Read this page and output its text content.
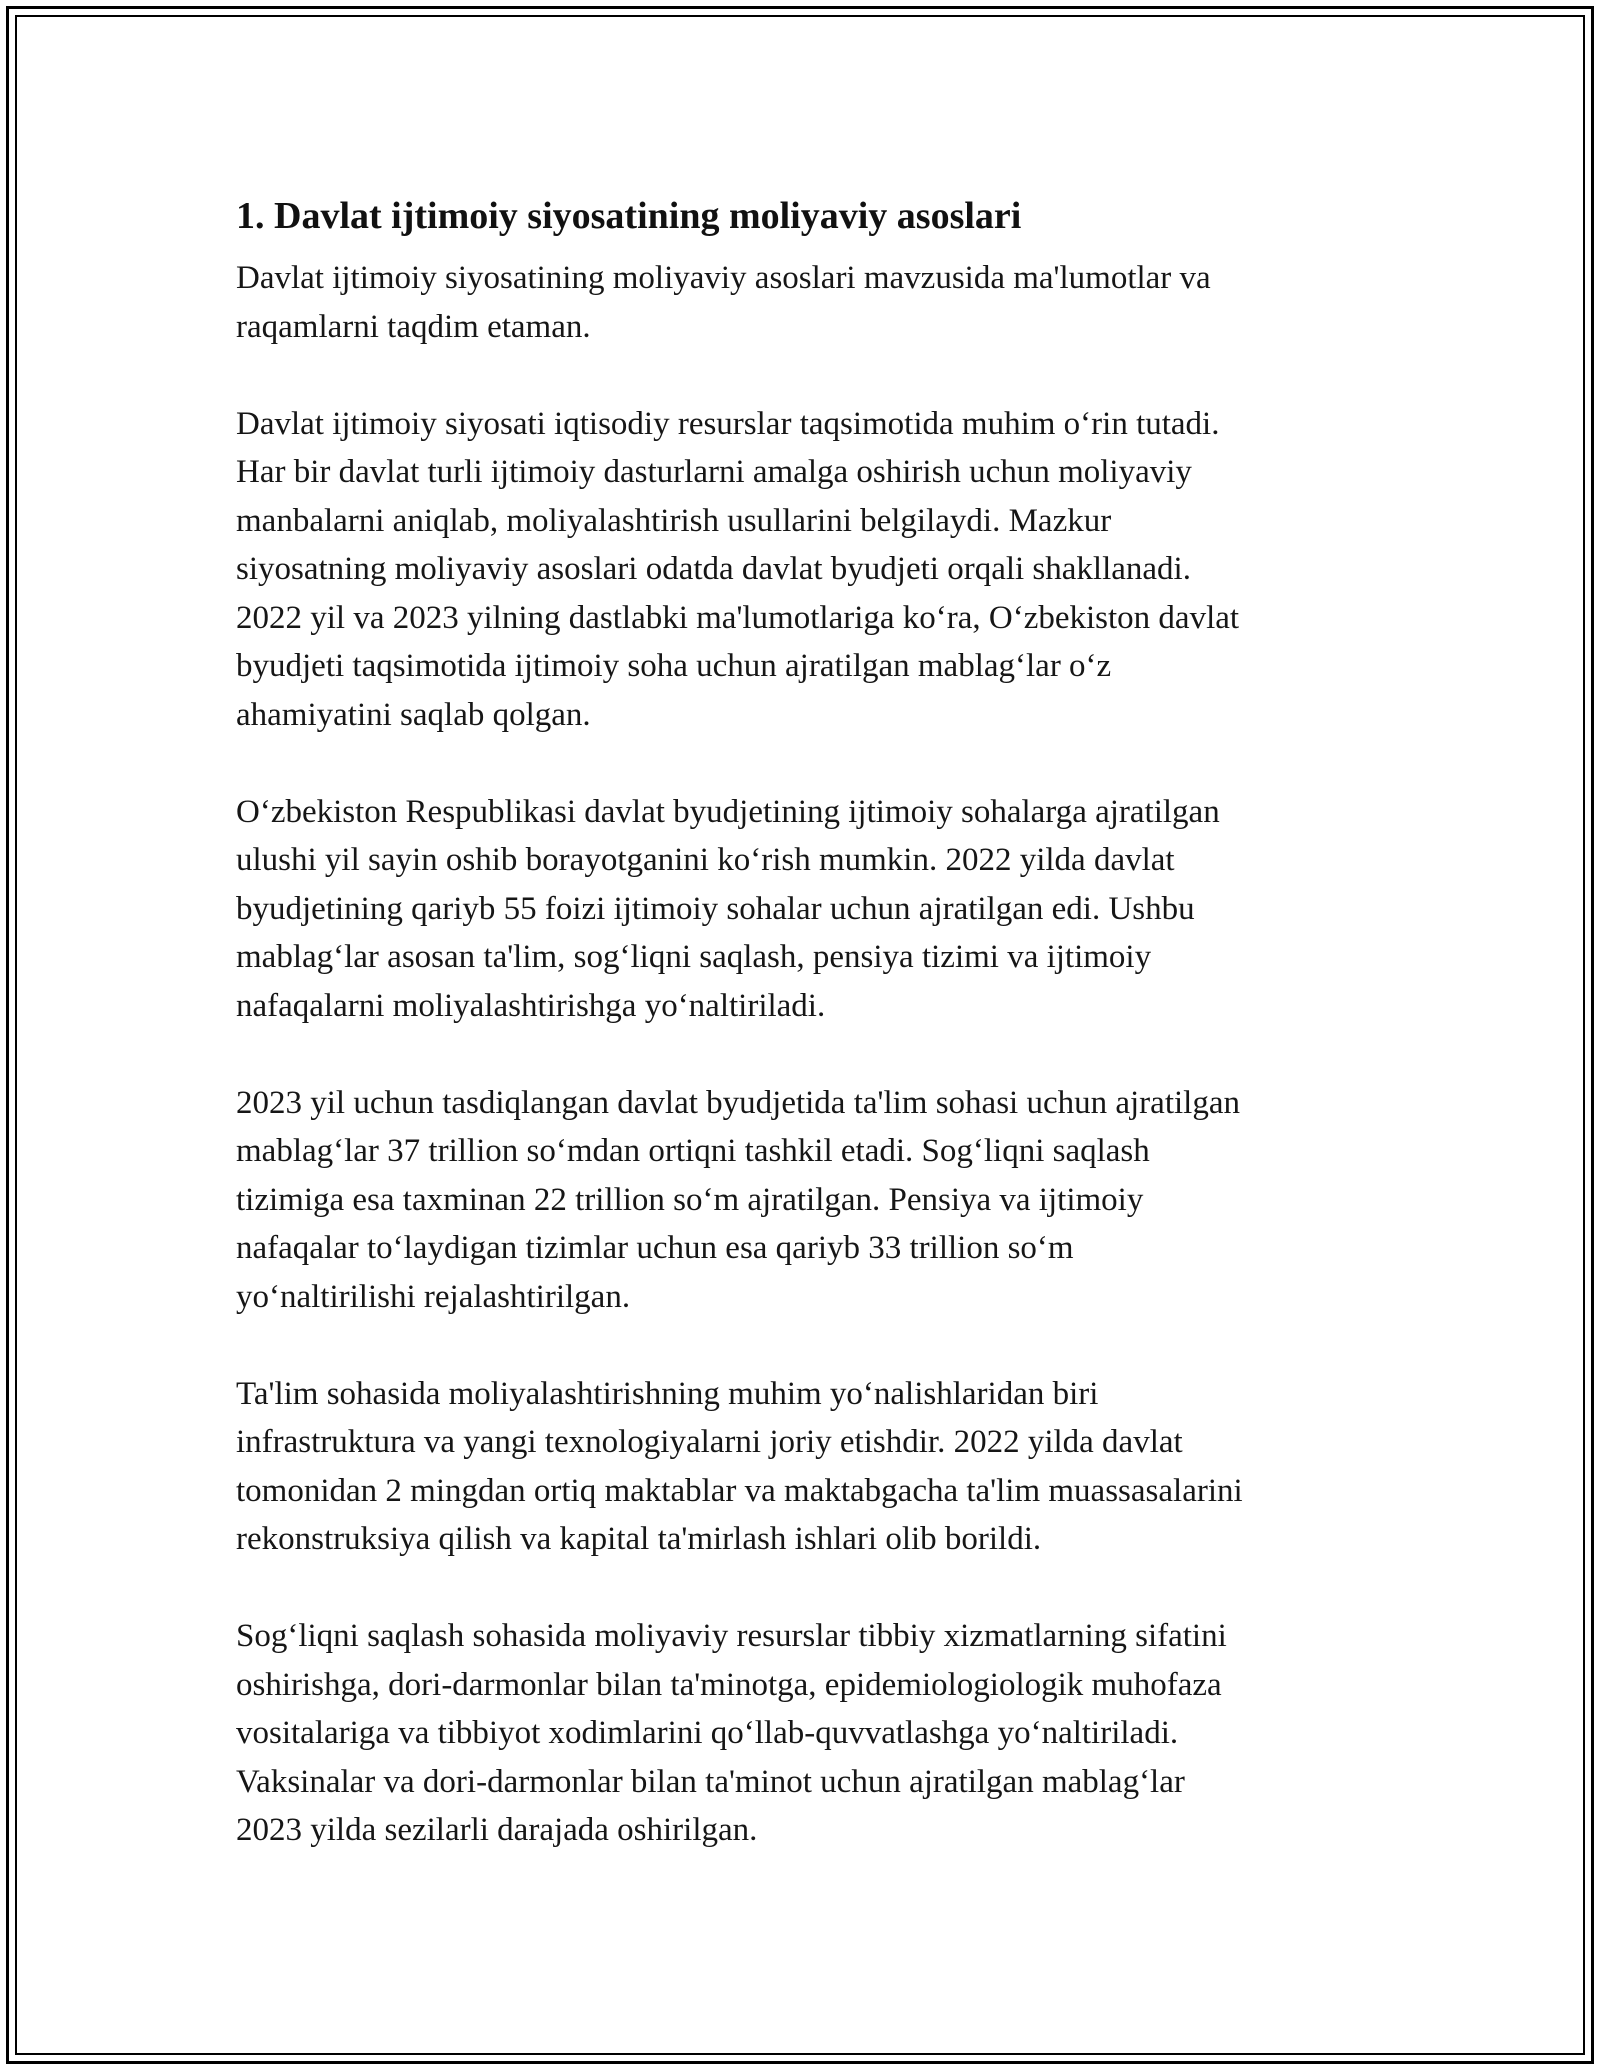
1. Davlat ijtimoiy siyosatining moliyaviy asoslari
Davlat ijtimoiy siyosatining moliyaviy asoslari mavzusida ma'lumotlar va
raqamlarni taqdim etaman.
Davlat ijtimoiy siyosati iqtisodiy resurslar taqsimotida muhim o‘rin tutadi.
Har bir davlat turli ijtimoiy dasturlarni amalga oshirish uchun moliyaviy
manbalarni aniqlab, moliyalashtirish usullarini belgilaydi. Mazkur
siyosatning moliyaviy asoslari odatda davlat byudjeti orqali shakllanadi.
2022 yil va 2023 yilning dastlabki ma'lumotlariga ko‘ra, O‘zbekiston davlat
byudjeti taqsimotida ijtimoiy soha uchun ajratilgan mablag‘lar o‘z
ahamiyatini saqlab qolgan.
O‘zbekiston Respublikasi davlat byudjetining ijtimoiy sohalarga ajratilgan
ulushi yil sayin oshib borayotganini ko‘rish mumkin. 2022 yilda davlat
byudjetining qariyb 55 foizi ijtimoiy sohalar uchun ajratilgan edi. Ushbu
mablag‘lar asosan ta'lim, sog‘liqni saqlash, pensiya tizimi va ijtimoiy
nafaqalarni moliyalashtirishga yo‘naltiriladi.
2023 yil uchun tasdiqlangan davlat byudjetida ta'lim sohasi uchun ajratilgan
mablag‘lar 37 trillion so‘mdan ortiqni tashkil etadi. Sog‘liqni saqlash
tizimiga esa taxminan 22 trillion so‘m ajratilgan. Pensiya va ijtimoiy
nafaqalar to‘laydigan tizimlar uchun esa qariyb 33 trillion so‘m
yo‘naltirilishi rejalashtirilgan.
Ta'lim sohasida moliyalashtirishning muhim yo‘nalishlaridan biri
infrastruktura va yangi texnologiyalarni joriy etishdir. 2022 yilda davlat
tomonidan 2 mingdan ortiq maktablar va maktabgacha ta'lim muassasalarini
rekonstruksiya qilish va kapital ta'mirlash ishlari olib borildi.
Sog‘liqni saqlash sohasida moliyaviy resurslar tibbiy xizmatlarning sifatini
oshirishga, dori-darmonlar bilan ta'minotga, epidemiologiologik muhofaza
vositalariga va tibbiyot xodimlarini qo‘llab-quvvatlashga yo‘naltiriladi.
Vaksinalar va dori-darmonlar bilan ta'minot uchun ajratilgan mablag‘lar
2023 yilda sezilarli darajada oshirilgan.
